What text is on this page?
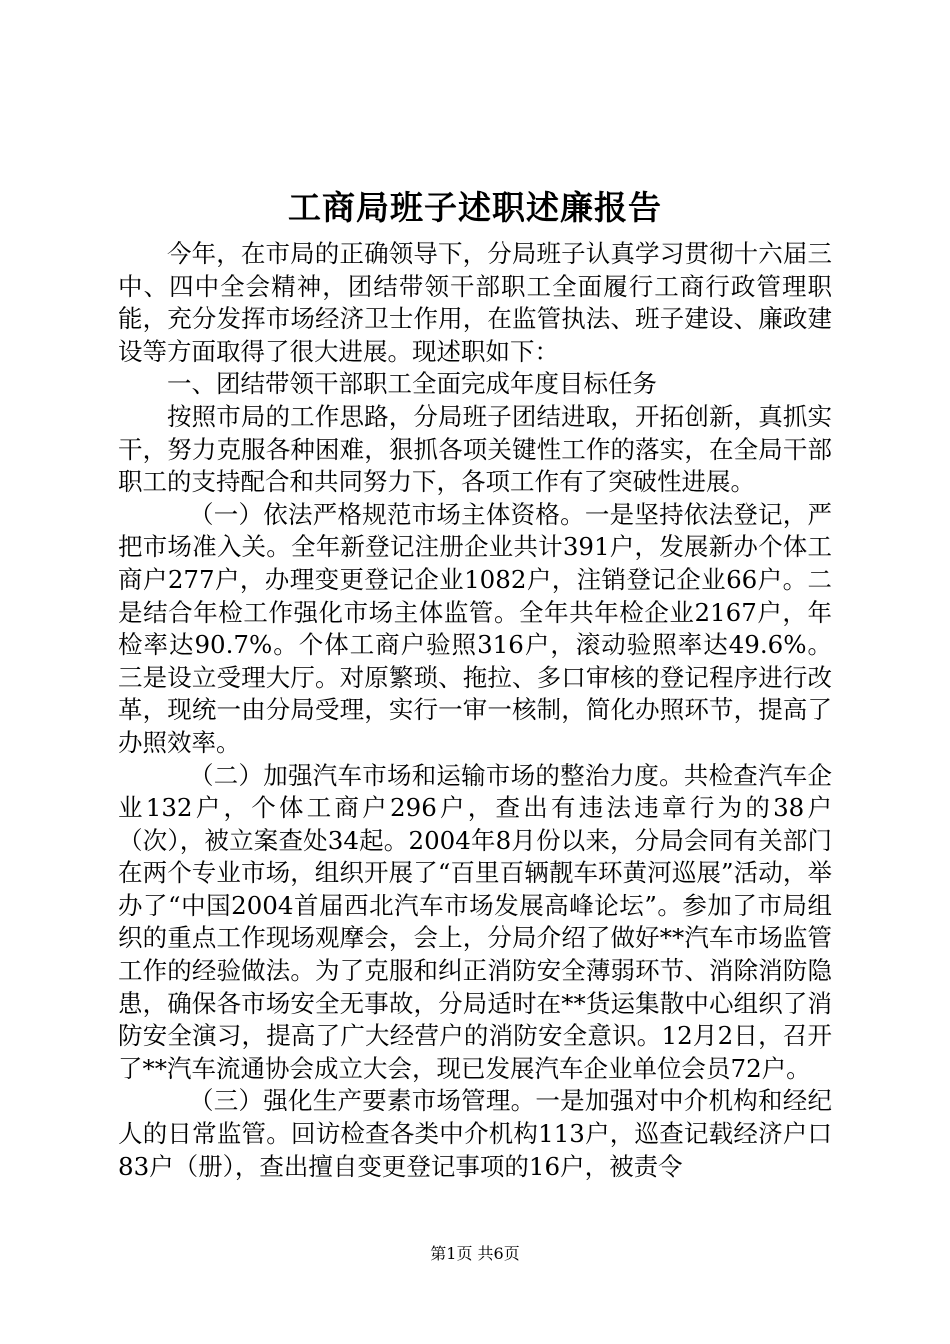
工商局班子述职述廉报告

今年，在市局的正确领导下，分局班子认真学习贯彻十六届三中、四中全会精神，团结带领干部职工全面履行工商行政管理职能，充分发挥市场经济卫士作用，在监管执法、班子建设、廉政建设等方面取得了很大进展。现述职如下：

一、团结带领干部职工全面完成年度目标任务

按照市局的工作思路，分局班子团结进取，开拓创新，真抓实干，努力克服各种困难，狠抓各项关键性工作的落实，在全局干部职工的支持配合和共同努力下，各项工作有了突破性进展。

（一）依法严格规范市场主体资格。一是坚持依法登记，严把市场准入关。全年新登记注册企业共计391户，发展新办个体工商户277户，办理变更登记企业1082户，注销登记企业66户。二是结合年检工作强化市场主体监管。全年共年检企业2167户，年检率达90.7%。个体工商户验照316户，滚动验照率达49.6%。三是设立受理大厅。对原繁琐、拖拉、多口审核的登记程序进行改革，现统一由分局受理，实行一审一核制，简化办照环节，提高了办照效率。

（二）加强汽车市场和运输市场的整治力度。共检查汽车企业132户，个体工商户296户，查出有违法违章行为的38户（次），被立案查处34起。2004年8月份以来，分局会同有关部门在两个专业市场，组织开展了“百里百辆靓车环黄河巡展”活动，举办了“中国2004首届西北汽车市场发展高峰论坛”。参加了市局组织的重点工作现场观摩会，会上，分局介绍了做好**汽车市场监管工作的经验做法。为了克服和纠正消防安全薄弱环节、消除消防隐患，确保各市场安全无事故，分局适时在**货运集散中心组织了消防安全演习，提高了广大经营户的消防安全意识。12月2日，召开了**汽车流通协会成立大会，现已发展汽车企业单位会员72户。

（三）强化生产要素市场管理。一是加强对中介机构和经纪人的日常监管。回访检查各类中介机构113户，巡查记载经济户口83户（册），查出擅自变更登记事项的16户，被责令

第1页 共6页
